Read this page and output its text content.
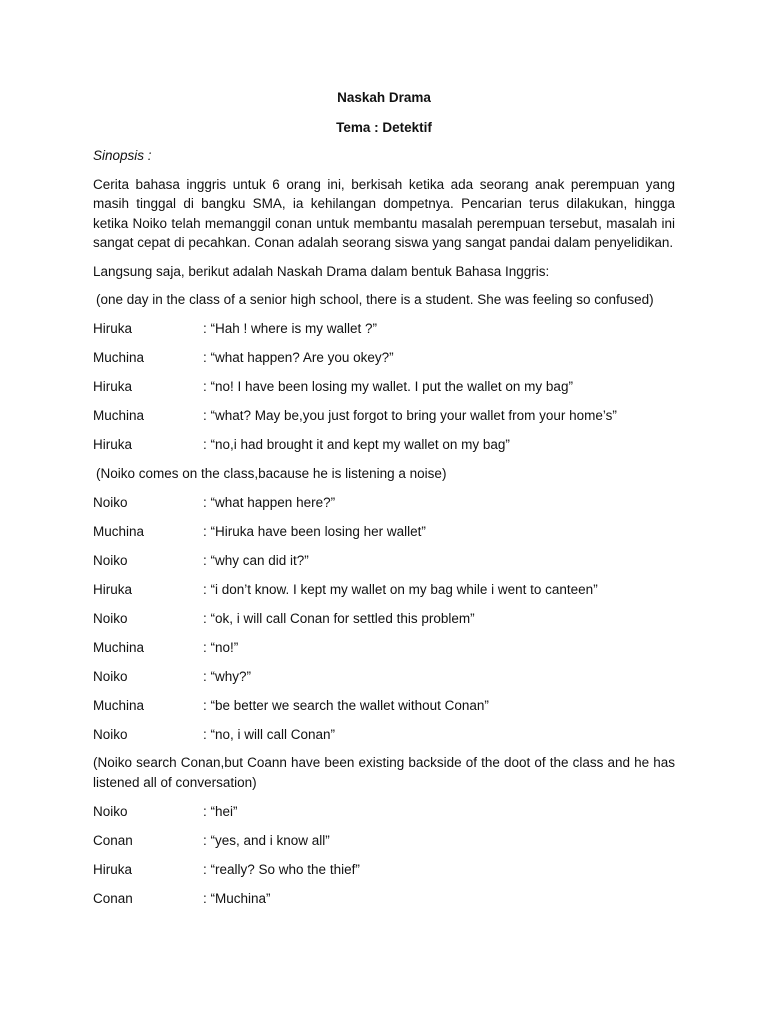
Naskah Drama
Tema : Detektif
Sinopsis :
Cerita bahasa inggris untuk 6 orang ini, berkisah ketika ada seorang anak perempuan yang masih tinggal di bangku SMA, ia kehilangan dompetnya. Pencarian terus dilakukan, hingga ketika Noiko telah memanggil conan untuk membantu masalah perempuan tersebut, masalah ini sangat cepat di pecahkan. Conan adalah seorang siswa yang sangat pandai dalam penyelidikan.
Langsung saja, berikut adalah Naskah Drama dalam bentuk Bahasa Inggris:
(one day in the class of a senior high school, there is a student. She was feeling so confused)
Hiruka	: “Hah ! where is my wallet ?”
Muchina	: “what happen? Are you okey?”
Hiruka	: “no! I have been losing my wallet. I put the wallet on my bag”
Muchina	: “what? May be,you just forgot to bring your wallet from your home’s”
Hiruka	: “no,i had brought it and kept my wallet on my bag”
(Noiko comes on the class,bacause he is listening a noise)
Noiko	: “what happen here?”
Muchina	: “Hiruka have been losing her wallet”
Noiko	: “why can did it?”
Hiruka	: “i don’t know. I kept my wallet on my bag while i went to canteen”
Noiko	: “ok, i will call Conan for settled this problem”
Muchina	: “no!”
Noiko	: “why?”
Muchina	: “be better we search the wallet without Conan”
Noiko	: “no, i will call Conan”
(Noiko search Conan,but Coann have been existing backside of the doot of the class and he has listened all of conversation)
Noiko	: “hei”
Conan	: “yes, and i know all”
Hiruka	: “really? So who the thief”
Conan	: “Muchina”
